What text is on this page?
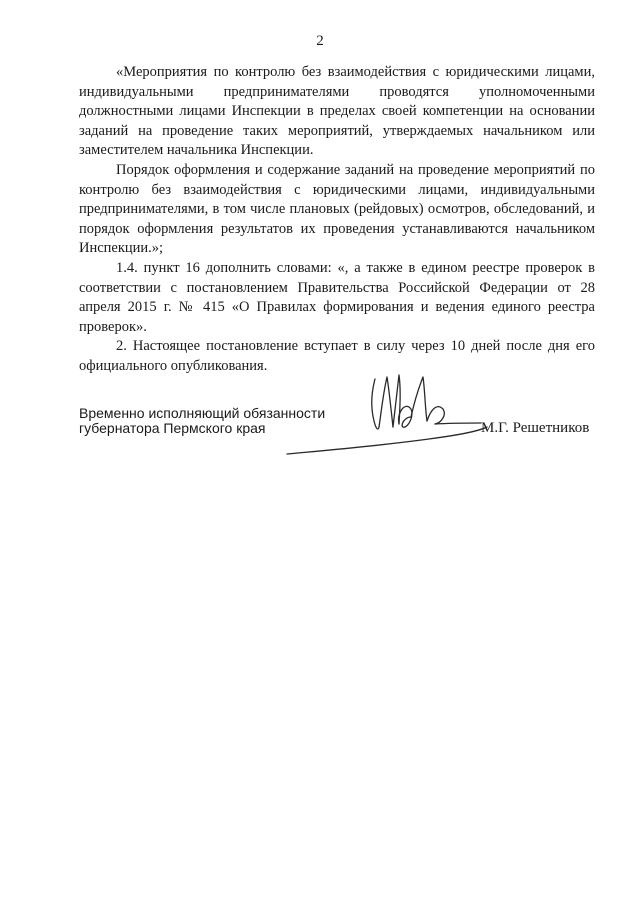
2

«Мероприятия по контролю без взаимодействия с юридическими лицами, индивидуальными предпринимателями проводятся уполномоченными должностными лицами Инспекции в пределах своей компетенции на основании заданий на проведение таких мероприятий, утверждаемых начальником или заместителем начальника Инспекции.

Порядок оформления и содержание заданий на проведение мероприятий по контролю без взаимодействия с юридическими лицами, индивидуальными предпринимателями, в том числе плановых (рейдовых) осмотров, обследований, и порядок оформления результатов их проведения устанавливаются начальником Инспекции.»;

1.4. пункт 16 дополнить словами: «, а также в едином реестре проверок в соответствии с постановлением Правительства Российской Федерации от 28 апреля 2015 г. № 415 «О Правилах формирования и ведения единого реестра проверок».

2. Настоящее постановление вступает в силу через 10 дней после дня его официального опубликования.

Временно исполняющий обязанности
губернатора Пермского края	М.Г. Решетников
